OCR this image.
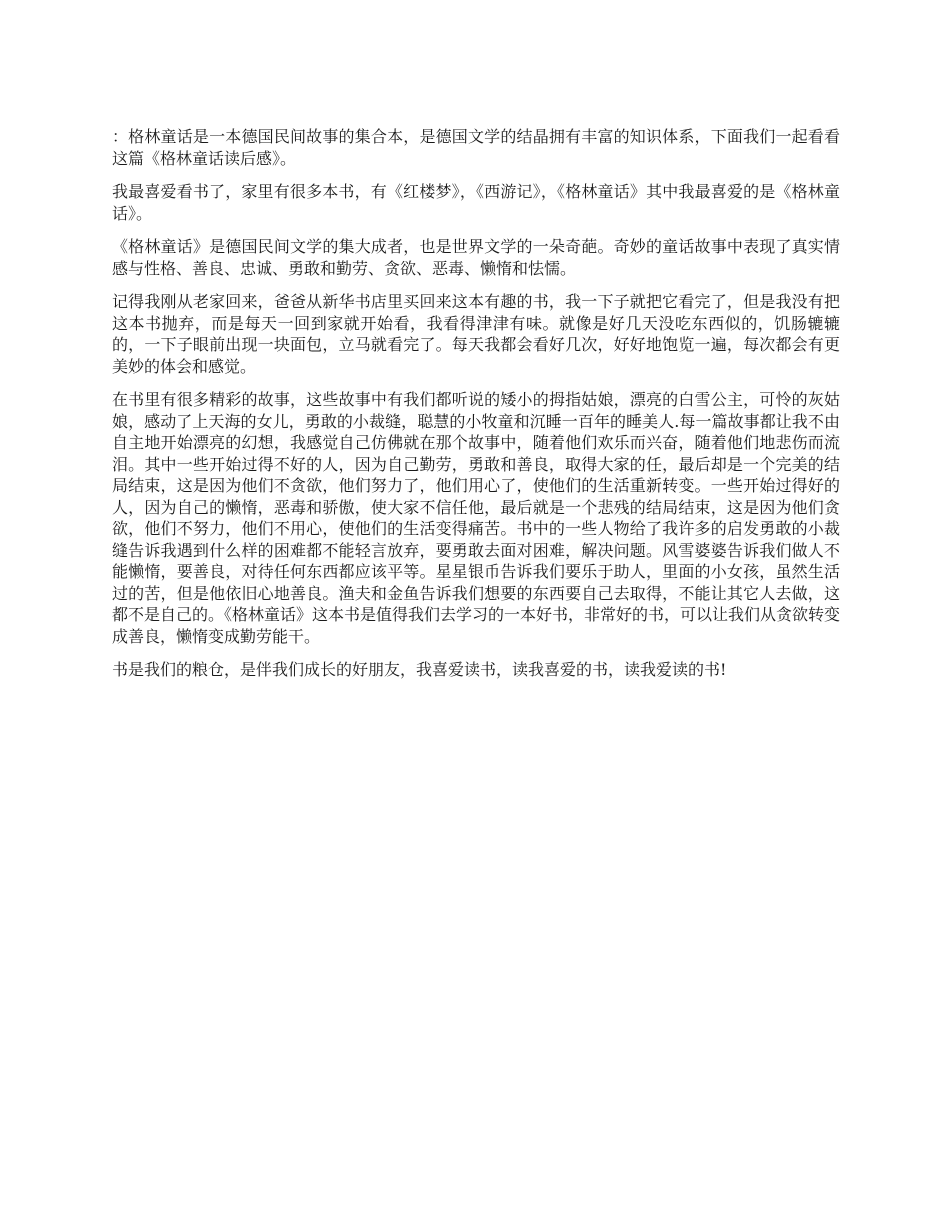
：格林童话是一本德国民间故事的集合本，是德国文学的结晶拥有丰富的知识体系，下面我们一起看看这篇《格林童话读后感》。

我最喜爱看书了，家里有很多本书，有《红楼梦》，《西游记》，《格林童话》其中我最喜爱的是《格林童话》。

《格林童话》是德国民间文学的集大成者，也是世界文学的一朵奇葩。奇妙的童话故事中表现了真实情感与性格、善良、忠诚、勇敢和勤劳、贪欲、恶毒、懒惰和怯懦。

记得我刚从老家回来，爸爸从新华书店里买回来这本有趣的书，我一下子就把它看完了，但是我没有把这本书抛弃，而是每天一回到家就开始看，我看得津津有味。就像是好几天没吃东西似的，饥肠辘辘的，一下子眼前出现一块面包，立马就看完了。每天我都会看好几次，好好地饱览一遍，每次都会有更美妙的体会和感觉。

在书里有很多精彩的故事，这些故事中有我们都听说的矮小的拇指姑娘，漂亮的白雪公主，可怜的灰姑娘，感动了上天海的女儿，勇敢的小裁缝，聪慧的小牧童和沉睡一百年的睡美人.每一篇故事都让我不由自主地开始漂亮的幻想，我感觉自己仿佛就在那个故事中，随着他们欢乐而兴奋，随着他们地悲伤而流泪。其中一些开始过得不好的人，因为自己勤劳，勇敢和善良，取得大家的任，最后却是一个完美的结局结束，这是因为他们不贪欲，他们努力了，他们用心了，使他们的生活重新转变。一些开始过得好的人，因为自己的懒惰，恶毒和骄傲，使大家不信任他，最后就是一个悲残的结局结束，这是因为他们贪欲，他们不努力，他们不用心，使他们的生活变得痛苦。书中的一些人物给了我许多的启发勇敢的小裁缝告诉我遇到什么样的困难都不能轻言放弃，要勇敢去面对困难，解决问题。风雪婆婆告诉我们做人不能懒惰，要善良，对待任何东西都应该平等。星星银币告诉我们要乐于助人，里面的小女孩，虽然生活过的苦，但是他依旧心地善良。渔夫和金鱼告诉我们想要的东西要自己去取得，不能让其它人去做，这都不是自己的。《格林童话》这本书是值得我们去学习的一本好书，非常好的书，可以让我们从贪欲转变成善良，懒惰变成勤劳能干。

书是我们的粮仓，是伴我们成长的好朋友，我喜爱读书，读我喜爱的书，读我爱读的书!
